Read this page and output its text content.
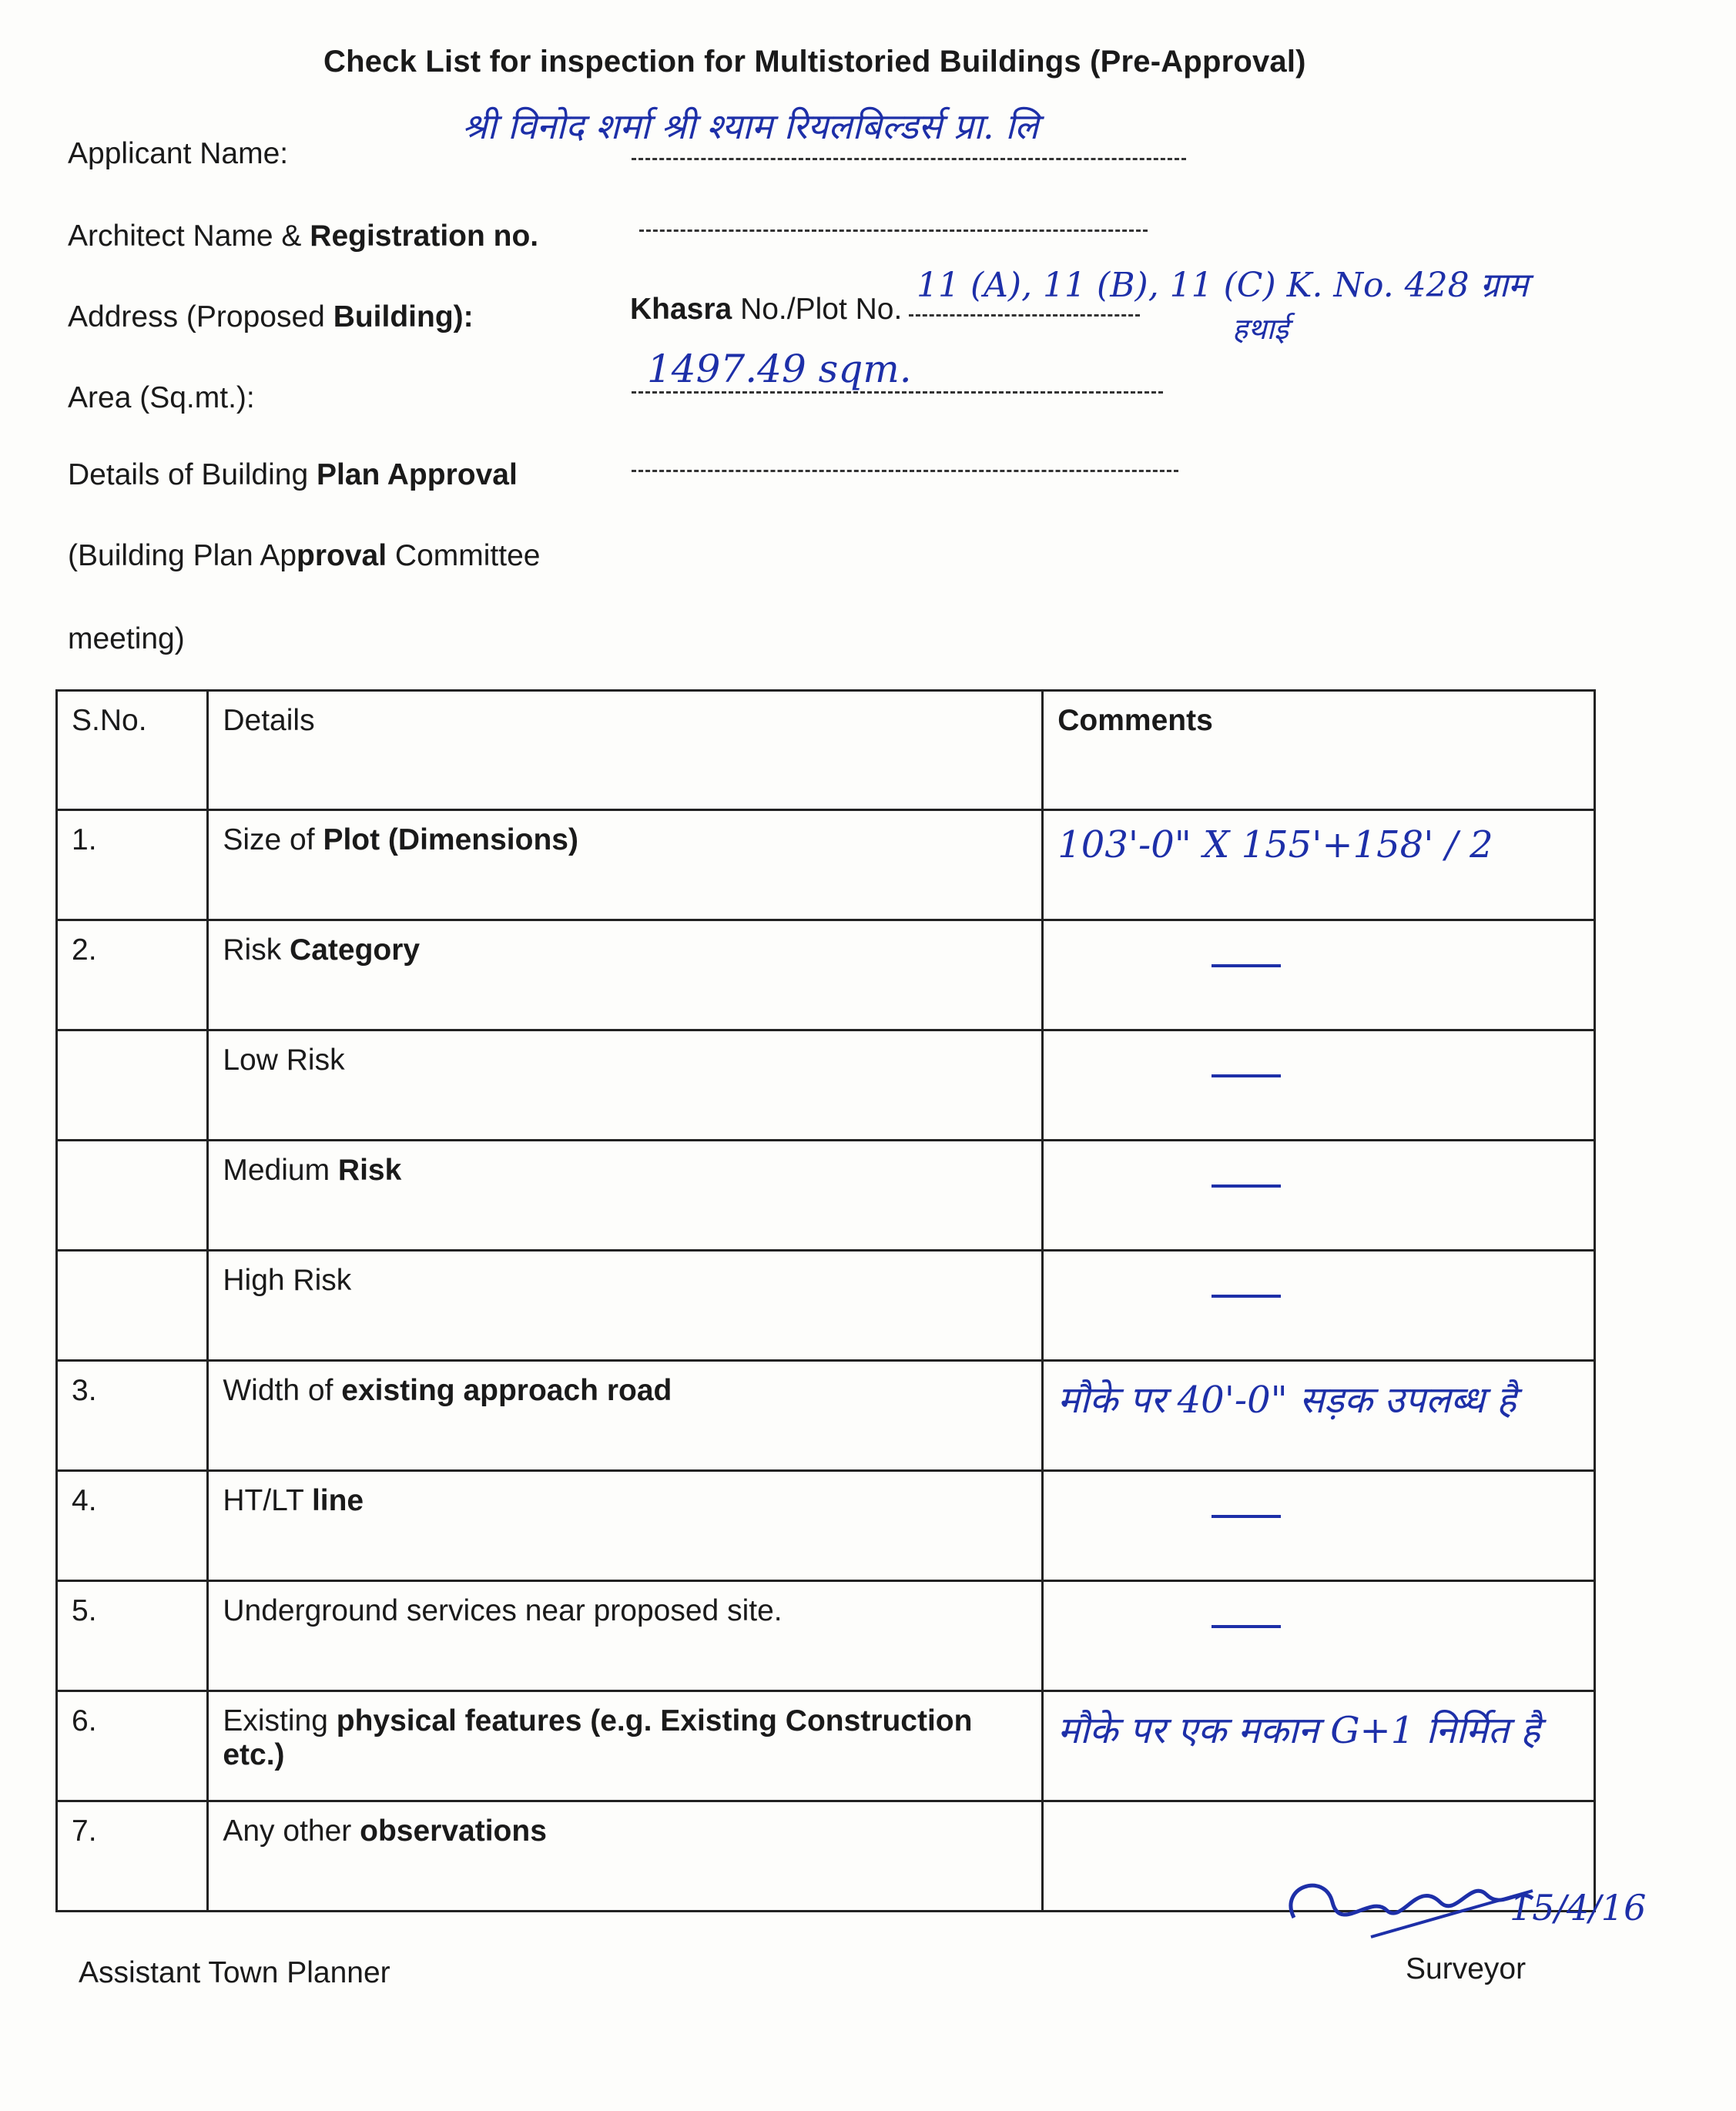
Check List for inspection for Multistoried Buildings (Pre-Approval)
Applicant Name:
श्री विनोद शर्मा श्री श्याम रियलबिल्डर्स प्रा. लि
Architect Name & Registration no.
Address (Proposed Building):	Khasra No./Plot No.
11 (A), 11 (B), 11 (C) K. No. 428 ग्राम
हथाई
Area (Sq.mt.):
1497.49 sqm.
Details of Building Plan Approval
(Building Plan Approval Committee
meeting)
S.No.	Details	Comments
1.	Size of Plot (Dimensions)	103'-0" X 155'+158' / 2
2.	Risk Category	

	Low Risk	

	Medium Risk	

	High Risk	

3.	Width of existing approach road	मौके पर 40'-0" सड़क उपलब्ध है
4.	HT/LT line	

5.	Underground services near proposed site.	

6.	Existing physical features (e.g. Existing Construction etc.)	मौके पर एक मकान G+1 निर्मित है
7.	Any other observations	
Assistant Town Planner	Surveyor
15/4/16
